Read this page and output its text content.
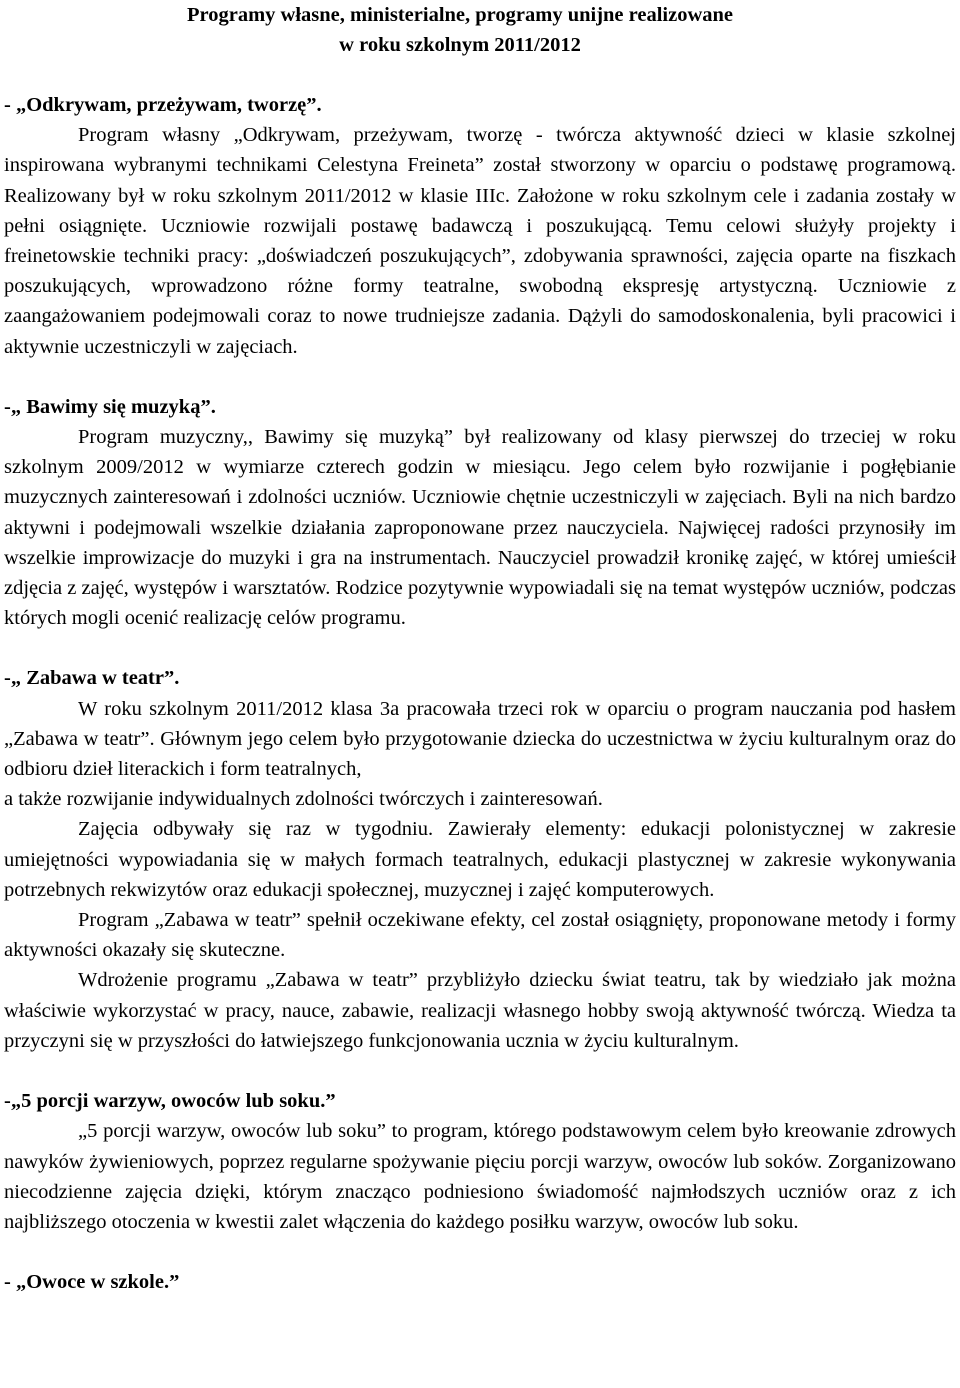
Programy własne, ministerialne, programy unijne realizowane
w roku szkolnym 2011/2012
- „Odkrywam, przeżywam, tworzę”.

Program własny „Odkrywam, przeżywam, tworzę - twórcza aktywność dzieci w klasie szkolnej inspirowana wybranymi technikami Celestyna Freineta” został stworzony w oparciu o podstawę programową. Realizowany był w roku szkolnym 2011/2012 w klasie IIIc. Założone w roku szkolnym cele i zadania zostały w pełni osiągnięte. Uczniowie rozwijali postawę badawczą i poszukującą. Temu celowi służyły projekty i freinetowskie techniki pracy: „doświadczeń poszukujących”, zdobywania sprawności, zajęcia oparte na fiszkach poszukujących, wprowadzono różne formy teatralne, swobodną ekspresję artystyczną. Uczniowie z zaangażowaniem podejmowali coraz to nowe trudniejsze zadania. Dążyli do samodoskonalenia, byli pracowici i aktywnie uczestniczyli w zajęciach.

-„ Bawimy się muzyką”.

Program muzyczny,, Bawimy się muzyką” był realizowany od klasy pierwszej do trzeciej w roku szkolnym 2009/2012 w wymiarze czterech godzin w miesiącu. Jego celem było rozwijanie i pogłębianie muzycznych zainteresowań i zdolności uczniów. Uczniowie chętnie uczestniczyli w zajęciach. Byli na nich bardzo aktywni i podejmowali wszelkie działania zaproponowane przez nauczyciela. Najwięcej radości przynosiły im wszelkie improwizacje do muzyki i gra na instrumentach. Nauczyciel prowadził kronikę zajęć, w której umieścił zdjęcia z zajęć, występów i warsztatów. Rodzice pozytywnie wypowiadali się na temat występów uczniów, podczas których mogli ocenić realizację celów programu.

-„ Zabawa w teatr”.

W roku szkolnym 2011/2012 klasa 3a pracowała trzeci rok w oparciu o program nauczania pod hasłem „Zabawa w teatr”. Głównym jego celem było przygotowanie dziecka do uczestnictwa w życiu kulturalnym oraz do odbioru dzieł literackich i form teatralnych,

a także rozwijanie indywidualnych zdolności twórczych i zainteresowań.

Zajęcia odbywały się raz w tygodniu. Zawierały elementy: edukacji polonistycznej w zakresie umiejętności wypowiadania się w małych formach teatralnych, edukacji plastycznej w zakresie wykonywania potrzebnych rekwizytów oraz edukacji społecznej, muzycznej i zajęć komputerowych.

Program „Zabawa w teatr” spełnił oczekiwane efekty, cel został osiągnięty, proponowane metody i formy aktywności okazały się skuteczne.

Wdrożenie programu „Zabawa w teatr” przybliżyło dziecku świat teatru, tak by wiedziało jak można właściwie wykorzystać w pracy, nauce, zabawie, realizacji własnego hobby swoją aktywność twórczą. Wiedza ta przyczyni się w przyszłości do łatwiejszego funkcjonowania ucznia w życiu kulturalnym.

-„5 porcji warzyw, owoców lub soku.”

„5 porcji warzyw, owoców lub soku” to program, którego podstawowym celem było kreowanie zdrowych nawyków żywieniowych, poprzez regularne spożywanie pięciu porcji warzyw, owoców lub soków. Zorganizowano niecodzienne zajęcia dzięki, którym znacząco podniesiono świadomość najmłodszych uczniów oraz z ich najbliższego otoczenia w kwestii zalet włączenia do każdego posiłku warzyw, owoców lub soku.

- „Owoce w szkole.”
